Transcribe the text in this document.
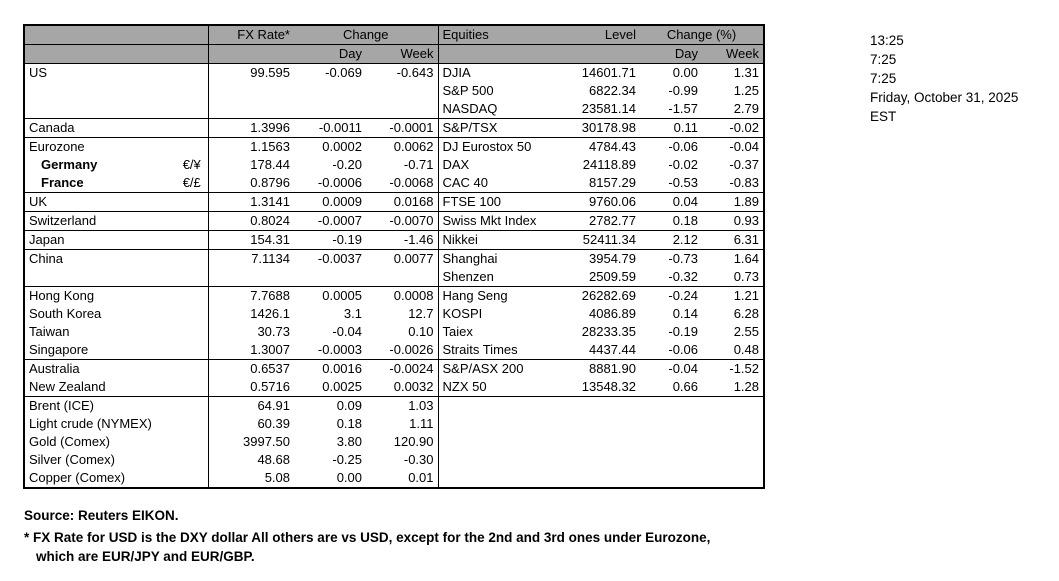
		FX Rate*	Change		Equities	Level	Change (%)	
			Day	Week			Day	Week
US		99.595	-0.069	-0.643	DJIA	14601.71	0.00	1.31
					S&P 500	6822.34	-0.99	1.25
					NASDAQ	23581.14	-1.57	2.79
Canada		1.3996	-0.0011	-0.0001	S&P/TSX	30178.98	0.11	-0.02
Eurozone		1.1563	0.0002	0.0062	DJ Eurostox 50	4784.43	-0.06	-0.04
Germany	€/¥	178.44	-0.20	-0.71	DAX	24118.89	-0.02	-0.37
France	€/£	0.8796	-0.0006	-0.0068	CAC 40	8157.29	-0.53	-0.83
UK		1.3141	0.0009	0.0168	FTSE 100	9760.06	0.04	1.89
Switzerland		0.8024	-0.0007	-0.0070	Swiss Mkt Index	2782.77	0.18	0.93
Japan		154.31	-0.19	-1.46	Nikkei	52411.34	2.12	6.31
China		7.1134	-0.0037	0.0077	Shanghai	3954.79	-0.73	1.64
					Shenzen	2509.59	-0.32	0.73
Hong Kong		7.7688	0.0005	0.0008	Hang Seng	26282.69	-0.24	1.21
South Korea		1426.1	3.1	12.7	KOSPI	4086.89	0.14	6.28
Taiwan		30.73	-0.04	0.10	Taiex	28233.35	-0.19	2.55
Singapore		1.3007	-0.0003	-0.0026	Straits Times	4437.44	-0.06	0.48
Australia		0.6537	0.0016	-0.0024	S&P/ASX 200	8881.90	-0.04	-1.52
New Zealand		0.5716	0.0025	0.0032	NZX 50	13548.32	0.66	1.28
Brent (ICE)		64.91	0.09	1.03				
Light crude (NYMEX)		60.39	0.18	1.11				
Gold (Comex)		3997.50	3.80	120.90				
Silver (Comex)		48.68	-0.25	-0.30				
Copper (Comex)		5.08	0.00	0.01				
Source: Reuters EIKON.
* FX Rate for USD is the DXY dollar All others are vs USD, except for the 2nd and 3rd ones under Eurozone,
which are EUR/JPY and EUR/GBP.
13:25
7:25
7:25
Friday, October 31, 2025
EST
